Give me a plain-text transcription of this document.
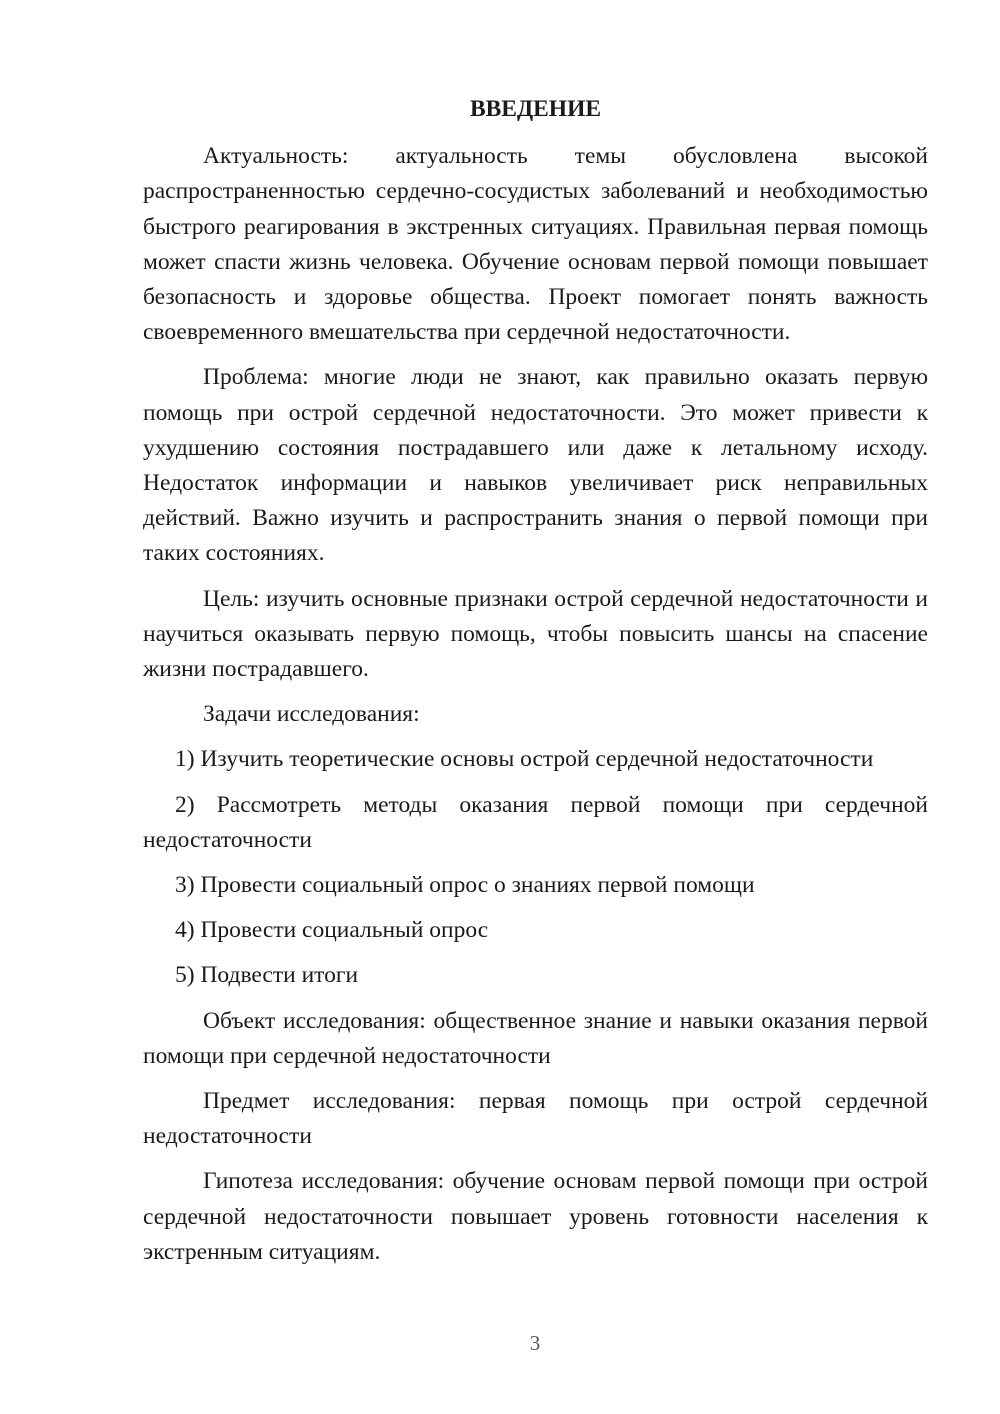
ВВЕДЕНИЕ

Актуальность: актуальность темы обусловлена высокой распространенностью сердечно-сосудистых заболеваний и необходимостью быстрого реагирования в экстренных ситуациях. Правильная первая помощь может спасти жизнь человека. Обучение основам первой помощи повышает безопасность и здоровье общества. Проект помогает понять важность своевременного вмешательства при сердечной недостаточности.

Проблема: многие люди не знают, как правильно оказать первую помощь при острой сердечной недостаточности. Это может привести к ухудшению состояния пострадавшего или даже к летальному исходу. Недостаток информации и навыков увеличивает риск неправильных действий. Важно изучить и распространить знания о первой помощи при таких состояниях.

Цель: изучить основные признаки острой сердечной недостаточности и научиться оказывать первую помощь, чтобы повысить шансы на спасение жизни пострадавшего.

Задачи исследования:

1) Изучить теоретические основы острой сердечной недостаточности

2) Рассмотреть методы оказания первой помощи при сердечной недостаточности

3) Провести социальный опрос о знаниях первой помощи

4) Провести социальный опрос

5) Подвести итоги

Объект исследования: общественное знание и навыки оказания первой помощи при сердечной недостаточности

Предмет исследования: первая помощь при острой сердечной недостаточности

Гипотеза исследования: обучение основам первой помощи при острой сердечной недостаточности повышает уровень готовности населения к экстренным ситуациям.

3
